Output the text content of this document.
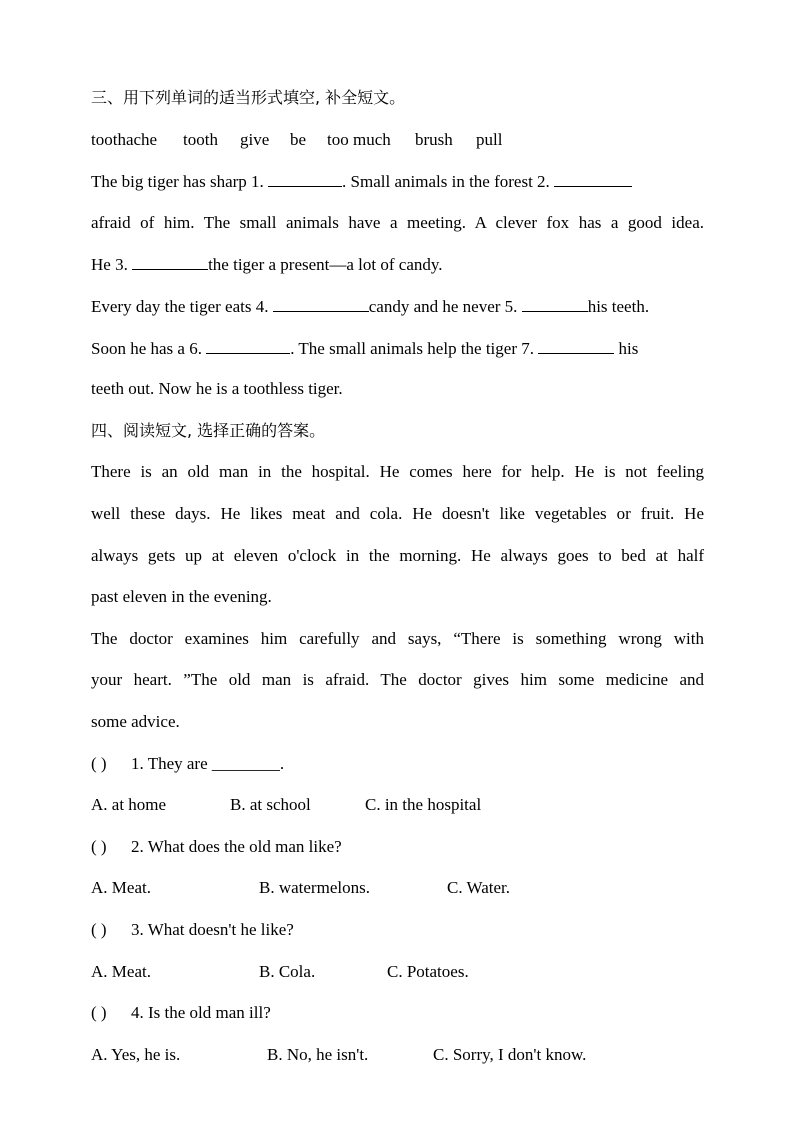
三、用下列单词的适当形式填空, 补全短文。
toothache tooth give be too much brush pull
The big tiger has sharp 1.	. Small animals in the forest 2.
afraid of him. The small animals have a meeting. A clever fox has a good idea.
He 3.	the tiger a present—a lot of candy.
Every day the tiger eats 4.	candy and he never 5.	his teeth.
Soon he has a 6.	. The small animals help the tiger 7.	his
teeth out. Now he is a toothless tiger.
四、阅读短文, 选择正确的答案。
There is an old man in the hospital. He comes here for help. He is not feeling
well these days. He likes meat and cola. He doesn't like vegetables or fruit. He
always gets up at eleven o'clock in the morning. He always goes to bed at half
past eleven in the evening.
The doctor examines him carefully and says, “There is something wrong with
your heart. ”The old man is afraid. The doctor gives him some medicine and
some advice.
( ) 1. They are ________.
A. at home	B. at school	C. in the hospital
( ) 2. What does the old man like?
A. Meat.	B. watermelons.	C. Water.
( ) 3. What doesn't he like?
A. Meat.	B. Cola.	C. Potatoes.
( ) 4. Is the old man ill?
A. Yes, he is.	B. No, he isn't.	C. Sorry, I don't know.
